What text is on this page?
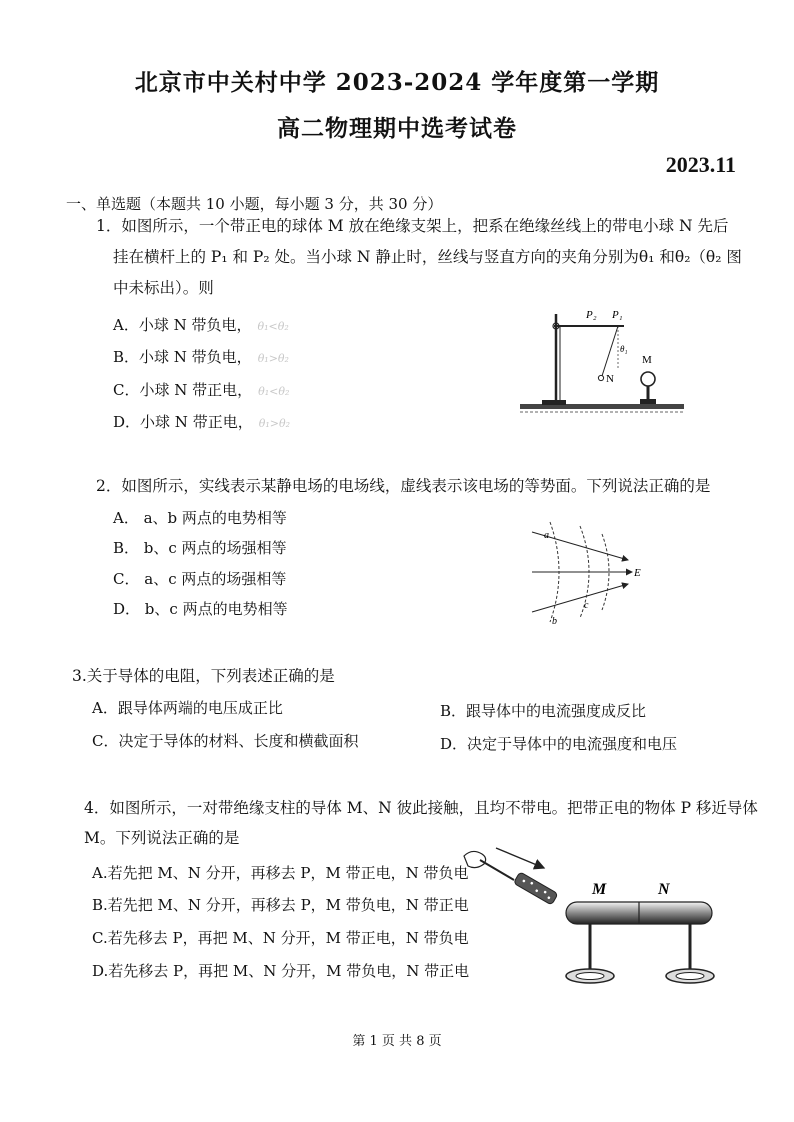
北京市中关村中学 2023-2024 学年度第一学期
高二物理期中选考试卷
2023.11
一、单选题（本题共 10 小题，每小题 3 分，共 30 分）
1．如图所示，一个带正电的球体 M 放在绝缘支架上，把系在绝缘丝线上的带电小球 N 先后
挂在横杆上的 P₁ 和 P₂ 处。当小球 N 静止时，丝线与竖直方向的夹角分别为θ₁ 和θ₂（θ₂ 图
中未标出）。则
A．小球 N 带负电， θ₁<θ₂
B．小球 N 带负电， θ₁>θ₂
C．小球 N 带正电， θ₁<θ₂
D．小球 N 带正电， θ₁>θ₂
P₂ P₁
N
θ₁
M
2．如图所示，实线表示某静电场的电场线，虚线表示该电场的等势面。下列说法正确的是
A． a、b 两点的电势相等
B． b、c 两点的场强相等
C． a、c 两点的场强相等
D． b、c 两点的电势相等
a
b
c
E
3.关于导体的电阻，下列表述正确的是
A．跟导体两端的电压成正比	B．跟导体中的电流强度成反比
C．决定于导体的材料、长度和横截面积	D．决定于导体中的电流强度和电压
4．如图所示，一对带绝缘支柱的导体 M、N 彼此接触，且均不带电。把带正电的物体 P 移近导体
M。下列说法正确的是
A.若先把 M、N 分开，再移去 P，M 带正电，N 带负电
B.若先把 M、N 分开，再移去 P，M 带负电，N 带正电
C.若先移去 P，再把 M、N 分开，M 带正电，N 带负电
D.若先移去 P，再把 M、N 分开，M 带负电，N 带正电
M	N
第 1 页 共 8 页
